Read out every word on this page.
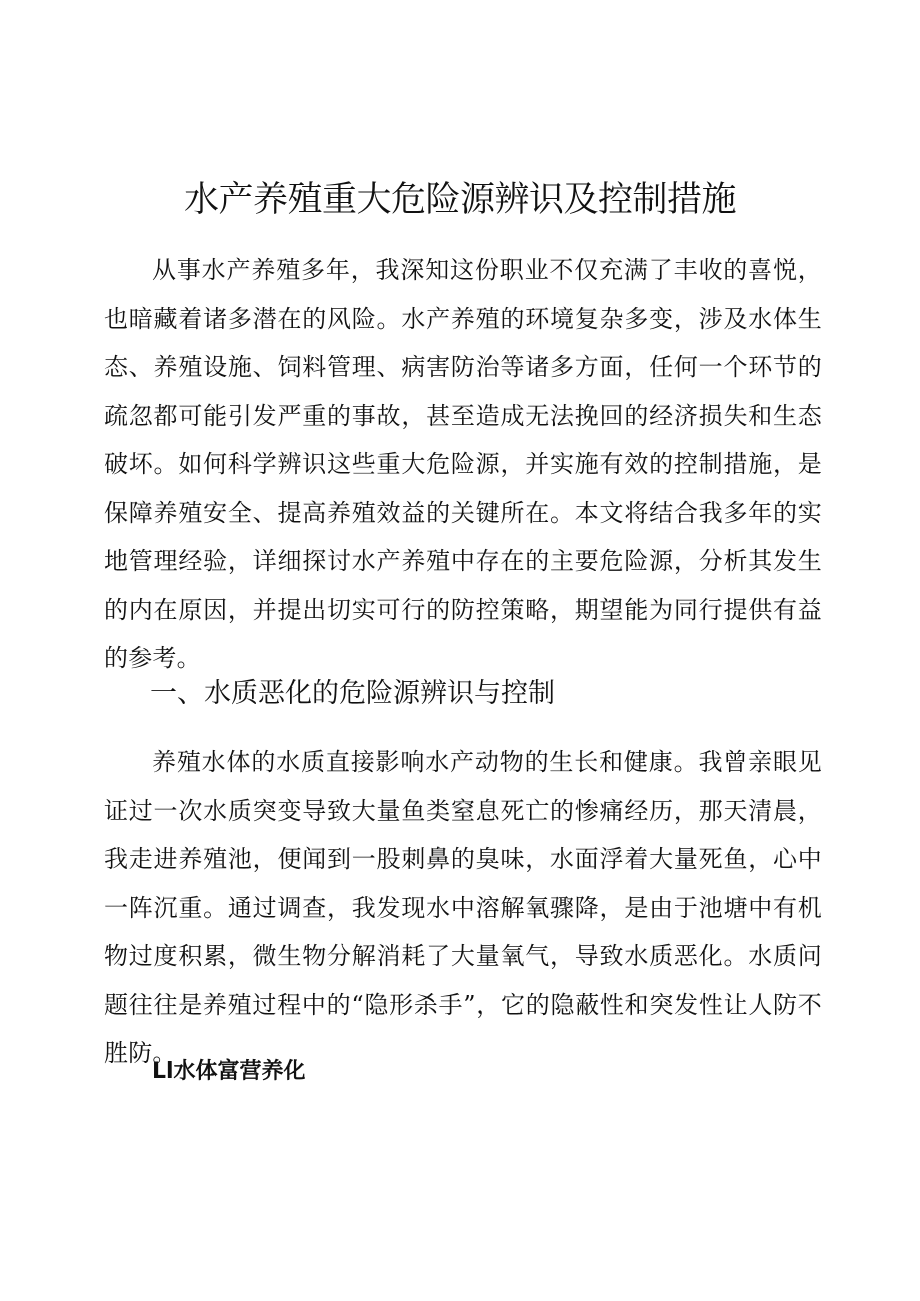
水产养殖重大危险源辨识及控制措施

从事水产养殖多年，我深知这份职业不仅充满了丰收的喜悦，也暗藏着诸多潜在的风险。水产养殖的环境复杂多变，涉及水体生态、养殖设施、饲料管理、病害防治等诸多方面，任何一个环节的疏忽都可能引发严重的事故，甚至造成无法挽回的经济损失和生态破坏。如何科学辨识这些重大危险源，并实施有效的控制措施，是保障养殖安全、提高养殖效益的关键所在。本文将结合我多年的实地管理经验，详细探讨水产养殖中存在的主要危险源，分析其发生的内在原因，并提出切实可行的防控策略，期望能为同行提供有益的参考。

一、水质恶化的危险源辨识与控制

养殖水体的水质直接影响水产动物的生长和健康。我曾亲眼见证过一次水质突变导致大量鱼类窒息死亡的惨痛经历，那天清晨，我走进养殖池，便闻到一股刺鼻的臭味，水面浮着大量死鱼，心中一阵沉重。通过调查，我发现水中溶解氧骤降，是由于池塘中有机物过度积累，微生物分解消耗了大量氧气，导致水质恶化。水质问题往往是养殖过程中的“隐形杀手”，它的隐蔽性和突发性让人防不胜防。

Ll水体富营养化
